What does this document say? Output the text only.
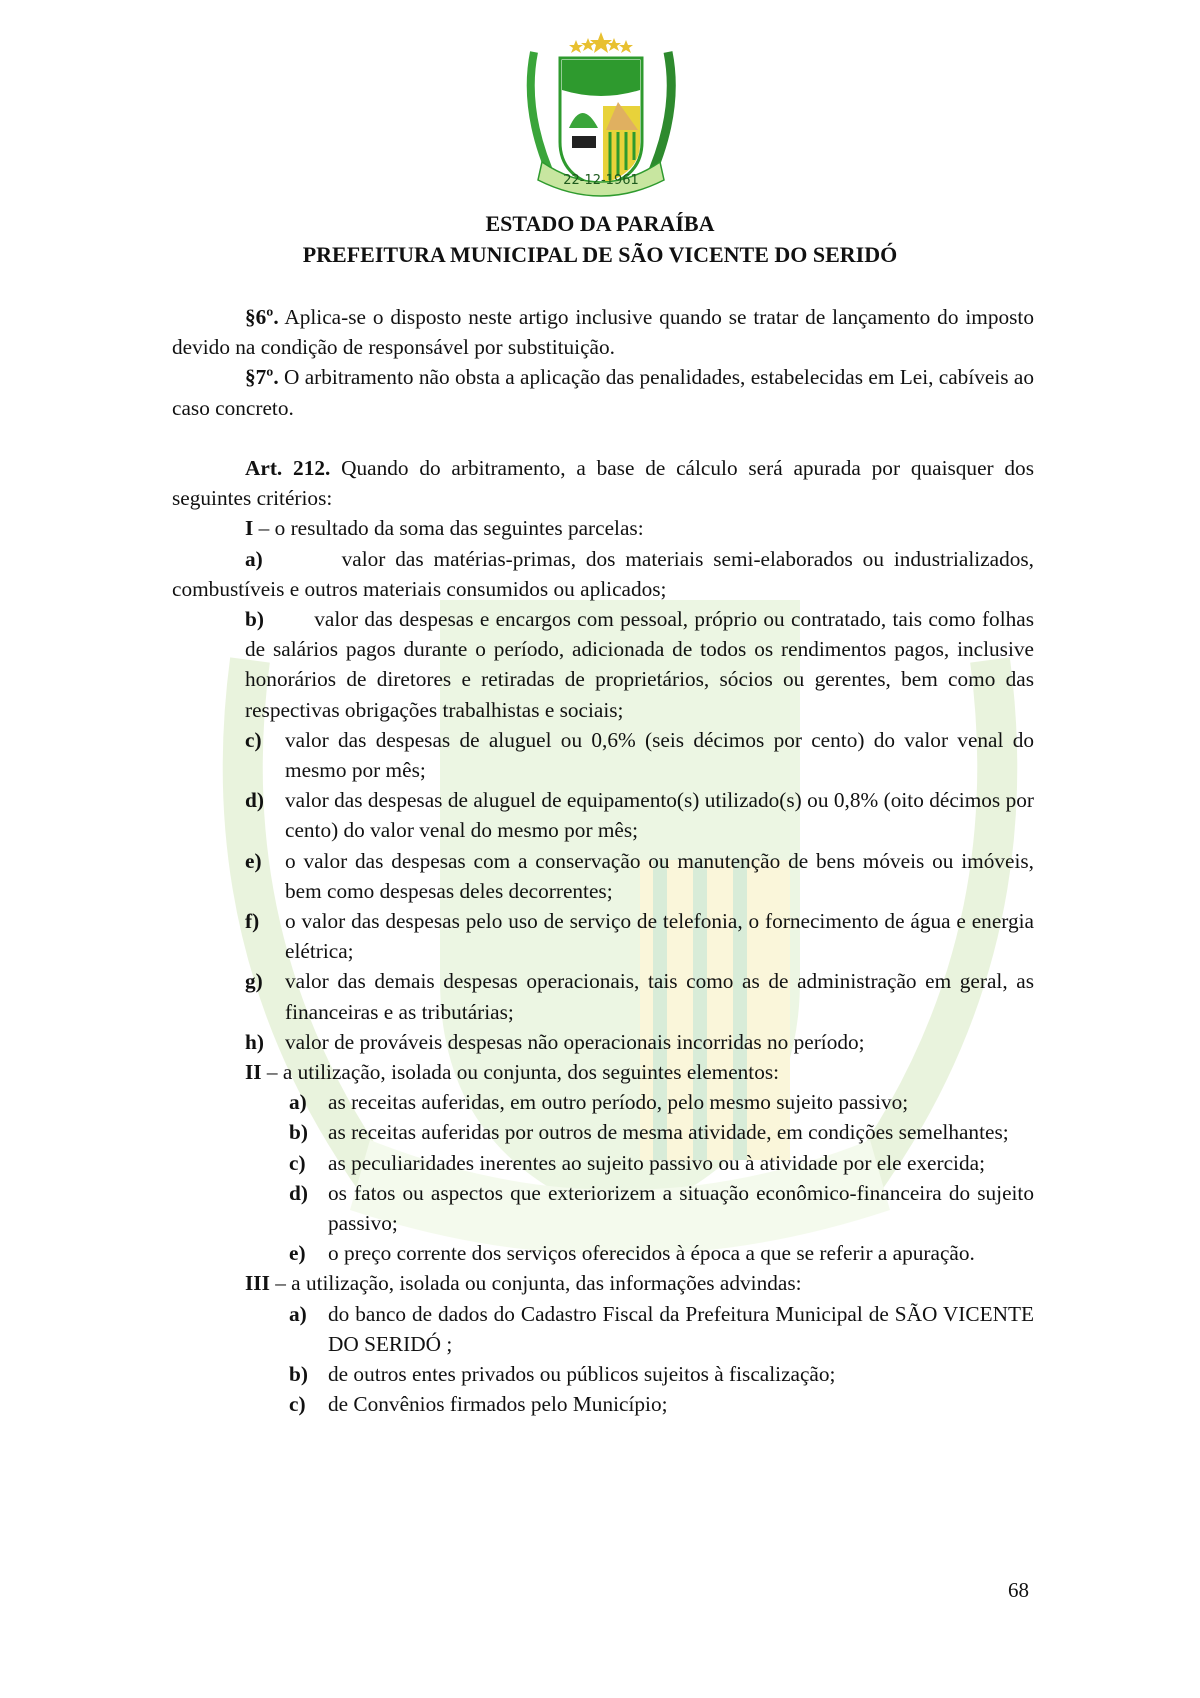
22-12-1961
ESTADO DA PARAÍBA
PREFEITURA MUNICIPAL DE SÃO VICENTE DO SERIDÓ

§6º. Aplica-se o disposto neste artigo inclusive quando se tratar de lançamento do imposto devido na condição de responsável por substituição.

§7º. O arbitramento não obsta a aplicação das penalidades, estabelecidas em Lei, cabíveis ao caso concreto.

Art. 212. Quando do arbitramento, a base de cálculo será apurada por quaisquer dos seguintes critérios:

I – o resultado da soma das seguintes parcelas:

a)	valor das matérias-primas, dos materiais semi-elaborados ou industrializados, combustíveis e outros materiais consumidos ou aplicados;

b) valor das despesas e encargos com pessoal, próprio ou contratado, tais como folhas de salários pagos durante o período, adicionada de todos os rendimentos pagos, inclusive honorários de diretores e retiradas de proprietários, sócios ou gerentes, bem como das respectivas obrigações trabalhistas e sociais;

c)	valor das despesas de aluguel ou 0,6% (seis décimos por cento) do valor venal do mesmo por mês;
d) valor das despesas de aluguel de equipamento(s) utilizado(s) ou 0,8% (oito décimos por cento) do valor venal do mesmo por mês;
e)	o valor das despesas com a conservação ou manutenção de bens móveis ou imóveis, bem como despesas deles decorrentes;
f)	o valor das despesas pelo uso de serviço de telefonia, o fornecimento de água e energia elétrica;
g)	valor das demais despesas operacionais, tais como as de administração em geral, as financeiras e as tributárias;
h) valor de prováveis despesas não operacionais incorridas no período;

II – a utilização, isolada ou conjunta, dos seguintes elementos:

a) as receitas auferidas, em outro período, pelo mesmo sujeito passivo;
b) as receitas auferidas por outros de mesma atividade, em condições semelhantes;
c)	as peculiaridades inerentes ao sujeito passivo ou à atividade por ele exercida;
d) os fatos ou aspectos que exteriorizem a situação econômico-financeira do sujeito passivo;
e)	o preço corrente dos serviços oferecidos à época a que se referir a apuração.

III – a utilização, isolada ou conjunta, das informações advindas:

a) do banco de dados do Cadastro Fiscal da Prefeitura Municipal de SÃO VICENTE DO SERIDÓ ;
b) de outros entes privados ou públicos sujeitos à fiscalização;
c)	de Convênios firmados pelo Município;
68
